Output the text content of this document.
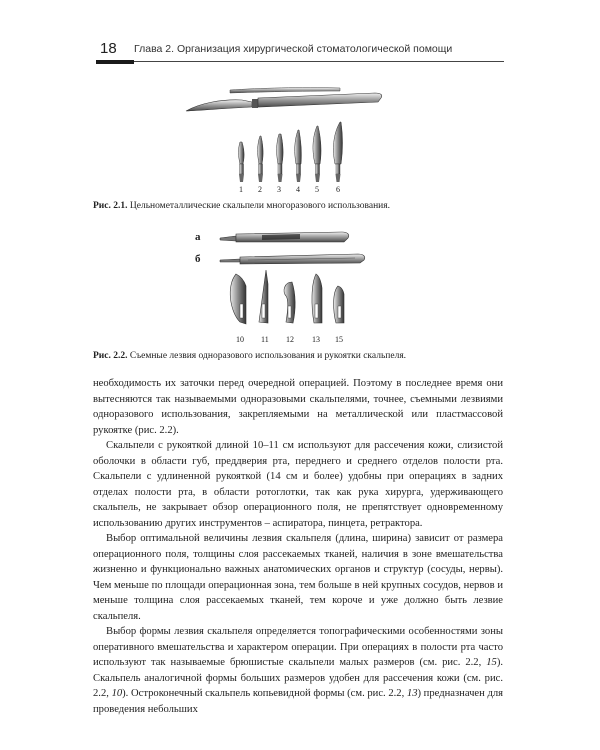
18 Глава 2. Организация хирургической стоматологической помощи
1 2 3 4 5 6
Рис. 2.1. Цельнометаллические скальпели многоразового использования.
а
б
10 11 12 13 15
Рис. 2.2. Съемные лезвия одноразового использования и рукоятки скальпеля.

необходимость их заточки перед очередной операцией. Поэтому в последнее время они вытесняются так называемыми одноразовыми скальпелями, точнее, съемными лезвиями одноразового использования, закрепляемыми на металлической или пластмассовой рукоятке (рис. 2.2).

Скальпели с рукояткой длиной 10–11 см используют для рассечения кожи, слизистой оболочки в области губ, преддверия рта, переднего и среднего отделов полости рта. Скальпели с удлиненной рукояткой (14 см и более) удобны при операциях в задних отделах полости рта, в области ротоглотки, так как рука хирурга, удерживающего скальпель, не закрывает обзор операционного поля, не препятствует одновременному использованию других инструментов – аспиратора, пинцета, ретрактора.

Выбор оптимальной величины лезвия скальпеля (длина, ширина) зависит от размера операционного поля, толщины слоя рассекаемых тканей, наличия в зоне вмешательства жизненно и функционально важных анатомических органов и структур (сосуды, нервы). Чем меньше по площади операционная зона, тем больше в ней крупных сосудов, нервов и меньше толщина слоя рассекаемых тканей, тем короче и уже должно быть лезвие скальпеля.

Выбор формы лезвия скальпеля определяется топографическими особенностями зоны оперативного вмешательства и характером операции. При операциях в полости рта часто используют так называемые брюшистые скальпели малых размеров (см. рис. 2.2, 15). Скальпель аналогичной формы больших размеров удобен для рассечения кожи (см. рис. 2.2, 10). Остроконечный скальпель копьевидной формы (см. рис. 2.2, 13) предназначен для проведения небольших
